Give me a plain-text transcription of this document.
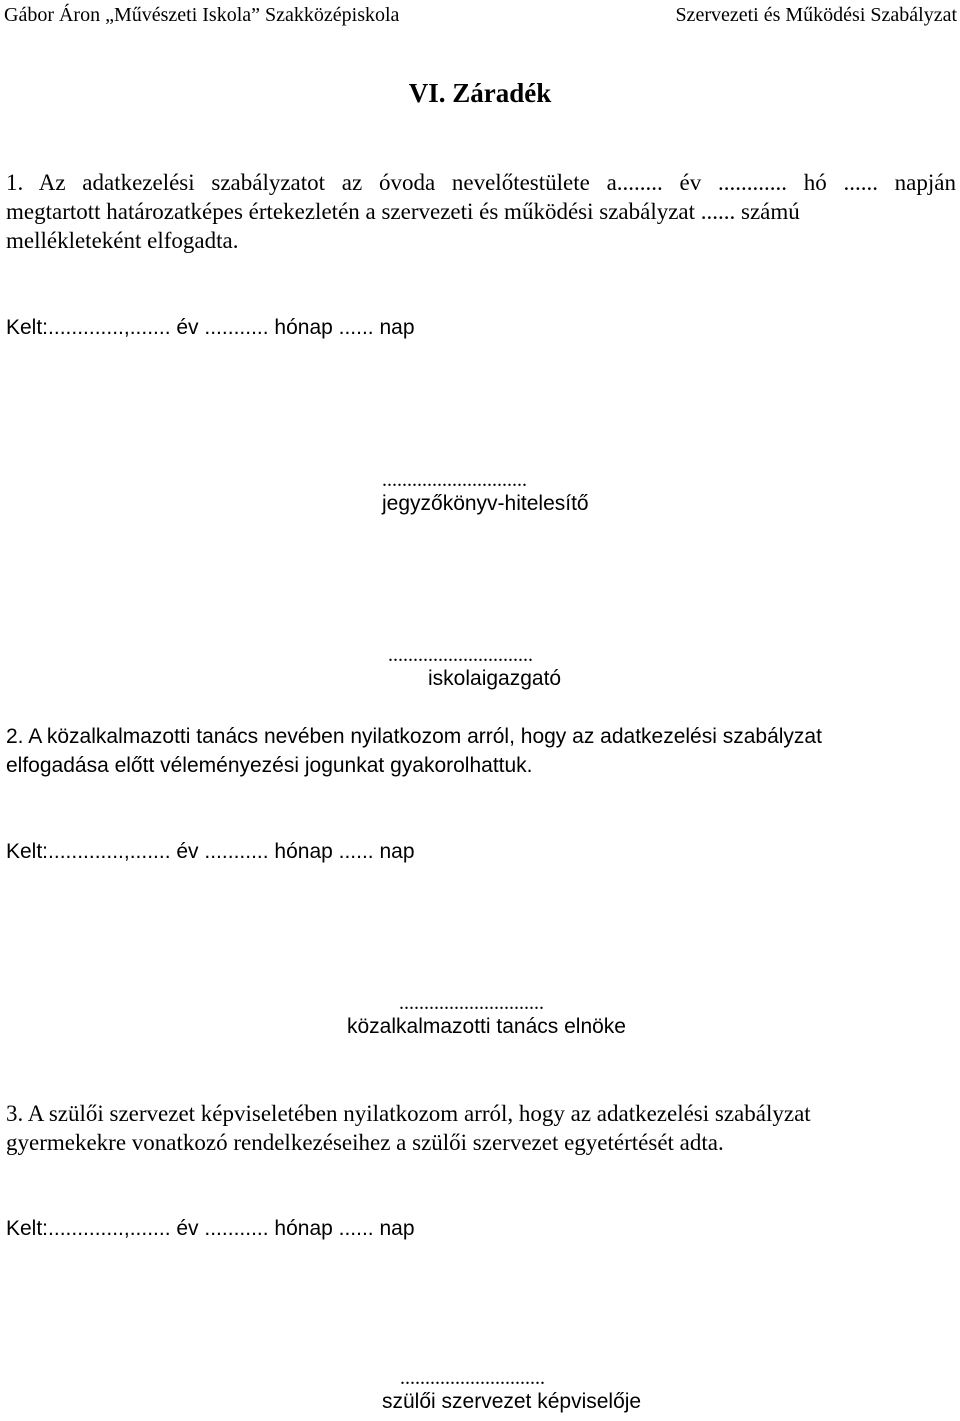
Gábor Áron „Művészeti Iskola” Szakközépiskola	Szervezeti és Működési Szabályzat
VI. Záradék
1. Az adatkezelési szabályzatot az óvoda nevelőtestülete a........ év ............ hó ...... napján
megtartott határozatképes értekezletén a szervezeti és működési szabályzat ...... számú
mellékleteként elfogadta.
Kelt:.............,....... év ........... hónap ...... nap
.............................
jegyzőkönyv-hitelesítő
.............................
iskolaigazgató
2. A közalkalmazotti tanács nevében nyilatkozom arról, hogy az adatkezelési szabályzat
elfogadása előtt véleményezési jogunkat gyakorolhattuk.
Kelt:.............,....... év ........... hónap ...... nap
.............................
közalkalmazotti tanács elnöke
3. A szülői szervezet képviseletében nyilatkozom arról, hogy az adatkezelési szabályzat
gyermekekre vonatkozó rendelkezéseihez a szülői szervezet egyetértését adta.
Kelt:.............,....... év ........... hónap ...... nap
.............................
szülői szervezet képviselője
